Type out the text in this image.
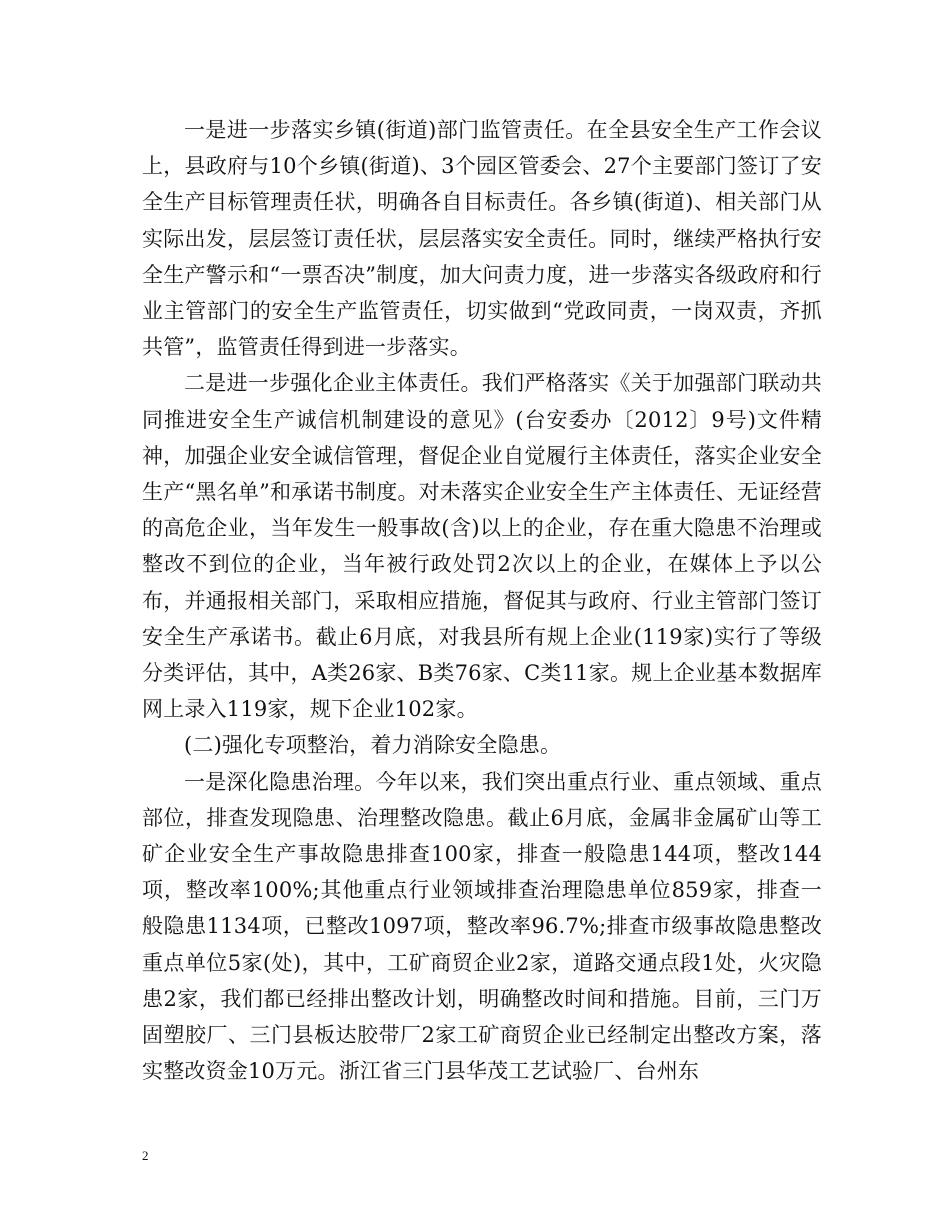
一是进一步落实乡镇(街道)部门监管责任。在全县安全生产工作会议上，县政府与10个乡镇(街道)、3个园区管委会、27个主要部门签订了安全生产目标管理责任状，明确各自目标责任。各乡镇(街道)、相关部门从实际出发，层层签订责任状，层层落实安全责任。同时，继续严格执行安全生产警示和“一票否决”制度，加大问责力度，进一步落实各级政府和行业主管部门的安全生产监管责任，切实做到“党政同责，一岗双责，齐抓共管”，监管责任得到进一步落实。

二是进一步强化企业主体责任。我们严格落实《关于加强部门联动共同推进安全生产诚信机制建设的意见》(台安委办〔2012〕9号)文件精神，加强企业安全诚信管理，督促企业自觉履行主体责任，落实企业安全生产“黑名单”和承诺书制度。对未落实企业安全生产主体责任、无证经营的高危企业，当年发生一般事故(含)以上的企业，存在重大隐患不治理或整改不到位的企业，当年被行政处罚2次以上的企业，在媒体上予以公布，并通报相关部门，采取相应措施，督促其与政府、行业主管部门签订安全生产承诺书。截止6月底，对我县所有规上企业(119家)实行了等级分类评估，其中，A类26家、B类76家、C类11家。规上企业基本数据库网上录入119家，规下企业102家。

(二)强化专项整治，着力消除安全隐患。

一是深化隐患治理。今年以来，我们突出重点行业、重点领域、重点部位，排查发现隐患、治理整改隐患。截止6月底，金属非金属矿山等工矿企业安全生产事故隐患排查100家，排查一般隐患144项，整改144项，整改率100%;其他重点行业领域排查治理隐患单位859家，排查一般隐患1134项，已整改1097项，整改率96.7%;排查市级事故隐患整改重点单位5家(处)，其中，工矿商贸企业2家，道路交通点段1处，火灾隐患2家，我们都已经排出整改计划，明确整改时间和措施。目前，三门万固塑胶厂、三门县板达胶带厂2家工矿商贸企业已经制定出整改方案，落实整改资金10万元。浙江省三门县华茂工艺试验厂、台州东

2
